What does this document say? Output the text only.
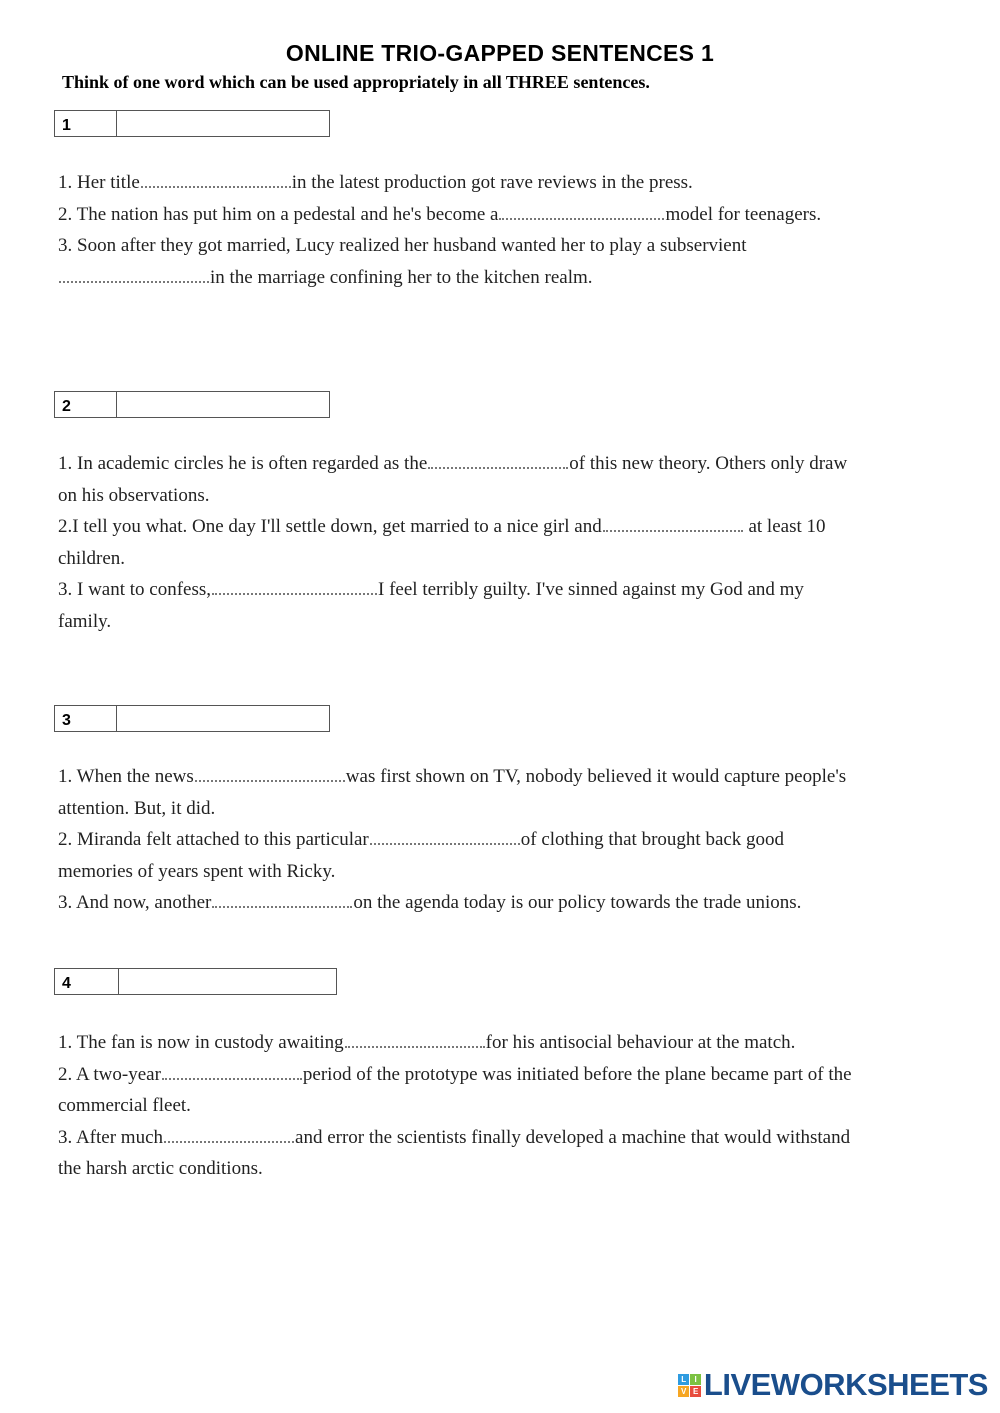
ONLINE TRIO-GAPPED SENTENCES 1
Think of one word which can be used appropriately in all THREE sentences.
1

1. Her title	in the latest production got rave reviews in the press.

2. The nation has put him on a pedestal and he's become a	model for teenagers.

3. Soon after they got married, Lucy realized her husband wanted her to play a subservient in the marriage confining her to the kitchen realm.

2

1. In academic circles he is often regarded as the	of this new theory. Others only draw on his observations.

2.I tell you what. One day I'll settle down, get married to a nice girl and	at least 10 children.

3. I want to confess,	I feel terribly guilty. I've sinned against my God and my family.

3

1. When the news	was first shown on TV, nobody believed it would capture people's attention. But, it did.

2. Miranda felt attached to this particular	of clothing that brought back good memories of years spent with Ricky.

3. And now, another	on the agenda today is our policy towards the trade unions.

4

1. The fan is now in custody awaiting	for his antisocial behaviour at the match.

2. A two-year	period of the prototype was initiated before the plane became part of the commercial fleet.

3. After much	and error the scientists finally developed a machine that would withstand the harsh arctic conditions.

L	I
V E LIVEWORKSHEETS
